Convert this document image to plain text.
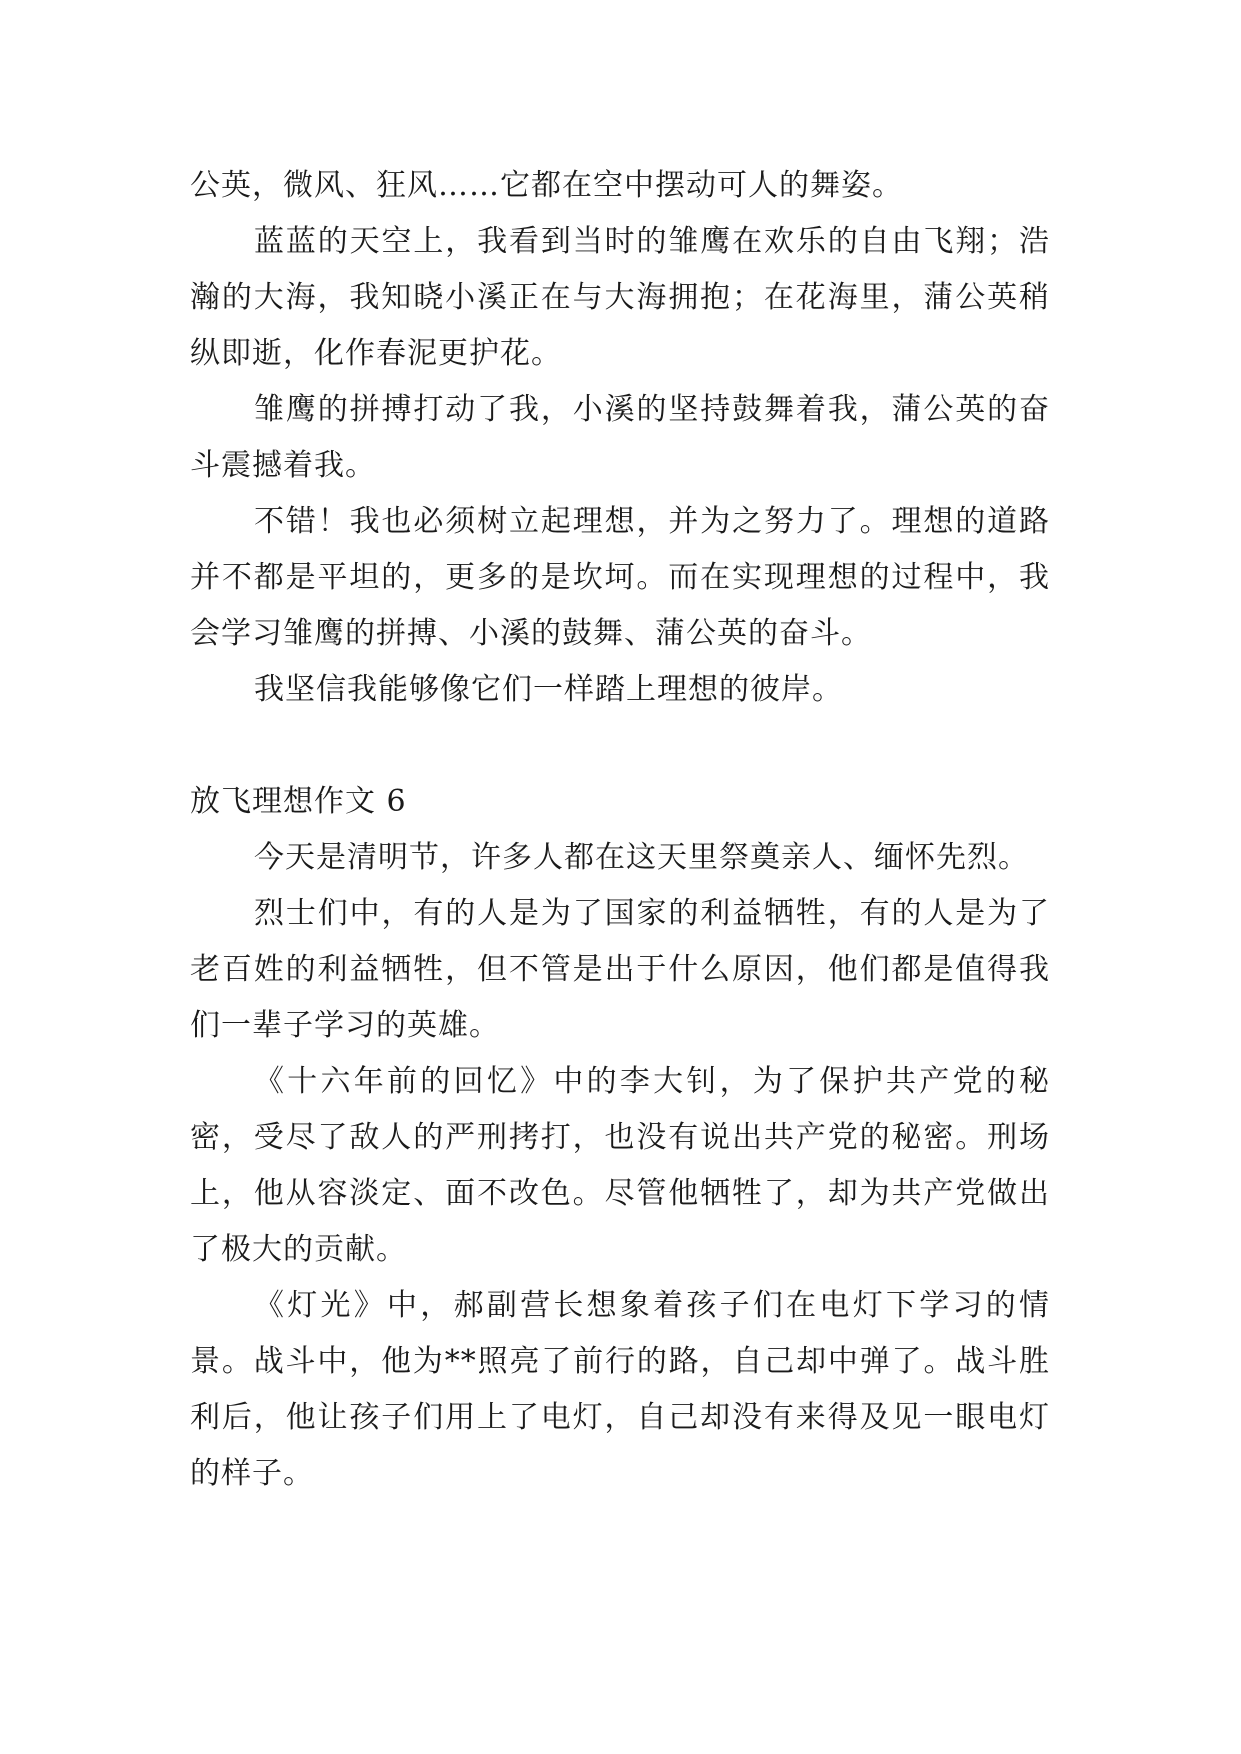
公英，微风、狂风……它都在空中摆动可人的舞姿。

蓝蓝的天空上，我看到当时的雏鹰在欢乐的自由飞翔；浩瀚的大海，我知晓小溪正在与大海拥抱；在花海里，蒲公英稍纵即逝，化作春泥更护花。

雏鹰的拼搏打动了我，小溪的坚持鼓舞着我，蒲公英的奋斗震撼着我。

不错！我也必须树立起理想，并为之努力了。理想的道路并不都是平坦的，更多的是坎坷。而在实现理想的过程中，我会学习雏鹰的拼搏、小溪的鼓舞、蒲公英的奋斗。

我坚信我能够像它们一样踏上理想的彼岸。

放飞理想作文 6

今天是清明节，许多人都在这天里祭奠亲人、缅怀先烈。

烈士们中，有的人是为了国家的利益牺牲，有的人是为了老百姓的利益牺牲，但不管是出于什么原因，他们都是值得我们一辈子学习的英雄。

《十六年前的回忆》中的李大钊，为了保护共产党的秘密，受尽了敌人的严刑拷打，也没有说出共产党的秘密。刑场上，他从容淡定、面不改色。尽管他牺牲了，却为共产党做出了极大的贡献。

《灯光》中，郝副营长想象着孩子们在电灯下学习的情景。战斗中，他为**照亮了前行的路，自己却中弹了。战斗胜利后，他让孩子们用上了电灯，自己却没有来得及见一眼电灯的样子。
